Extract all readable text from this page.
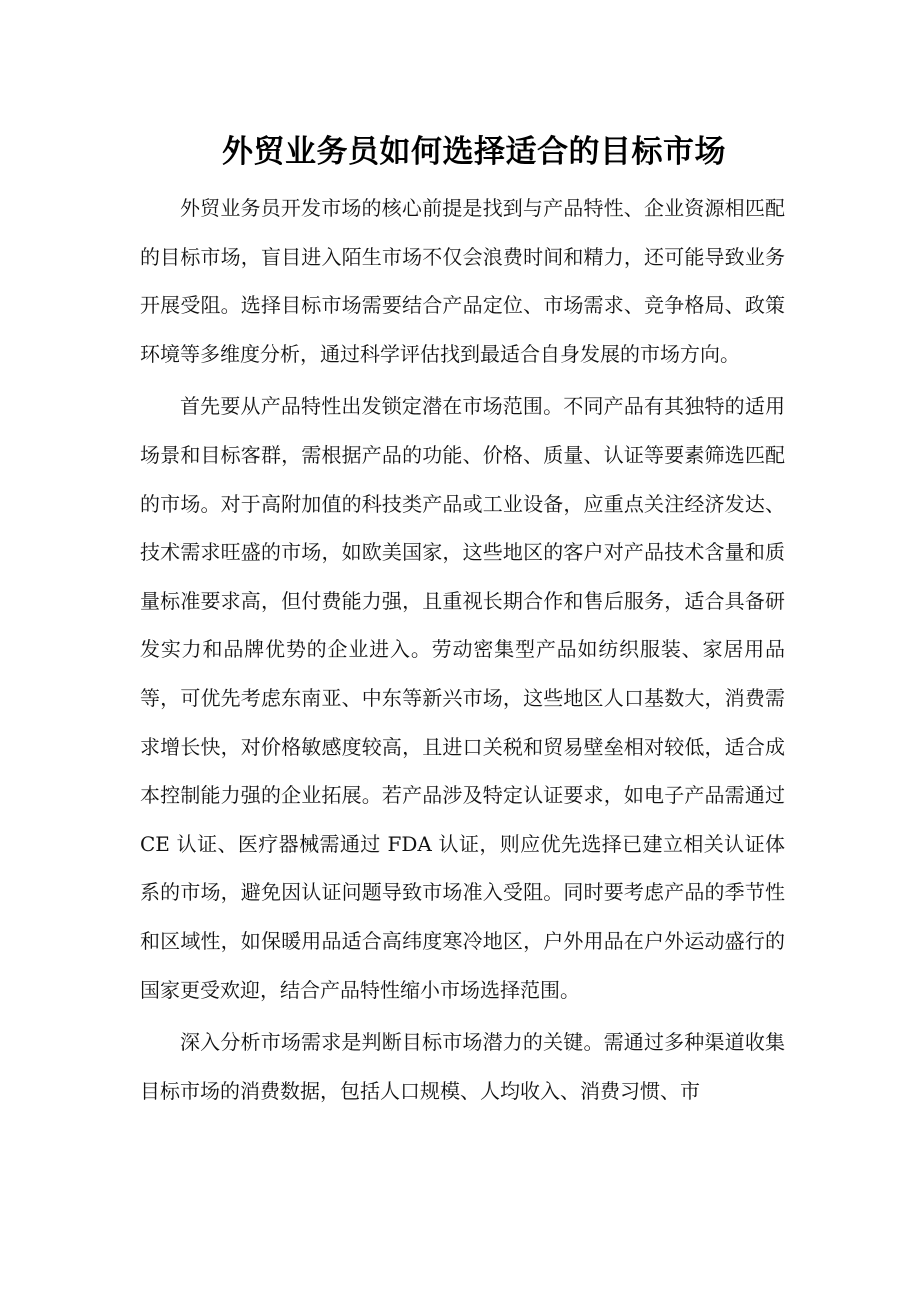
外贸业务员如何选择适合的目标市场

外贸业务员开发市场的核心前提是找到与产品特性、企业资源相匹配的目标市场，盲目进入陌生市场不仅会浪费时间和精力，还可能导致业务开展受阻。选择目标市场需要结合产品定位、市场需求、竞争格局、政策环境等多维度分析，通过科学评估找到最适合自身发展的市场方向。

首先要从产品特性出发锁定潜在市场范围。不同产品有其独特的适用场景和目标客群，需根据产品的功能、价格、质量、认证等要素筛选匹配的市场。对于高附加值的科技类产品或工业设备，应重点关注经济发达、技术需求旺盛的市场，如欧美国家，这些地区的客户对产品技术含量和质量标准要求高，但付费能力强，且重视长期合作和售后服务，适合具备研发实力和品牌优势的企业进入。劳动密集型产品如纺织服装、家居用品等，可优先考虑东南亚、中东等新兴市场，这些地区人口基数大，消费需求增长快，对价格敏感度较高，且进口关税和贸易壁垒相对较低，适合成本控制能力强的企业拓展。若产品涉及特定认证要求，如电子产品需通过 CE 认证、医疗器械需通过 FDA 认证，则应优先选择已建立相关认证体系的市场，避免因认证问题导致市场准入受阻。同时要考虑产品的季节性和区域性，如保暖用品适合高纬度寒冷地区，户外用品在户外运动盛行的国家更受欢迎，结合产品特性缩小市场选择范围。

深入分析市场需求是判断目标市场潜力的关键。需通过多种渠道收集目标市场的消费数据，包括人口规模、人均收入、消费习惯、市
